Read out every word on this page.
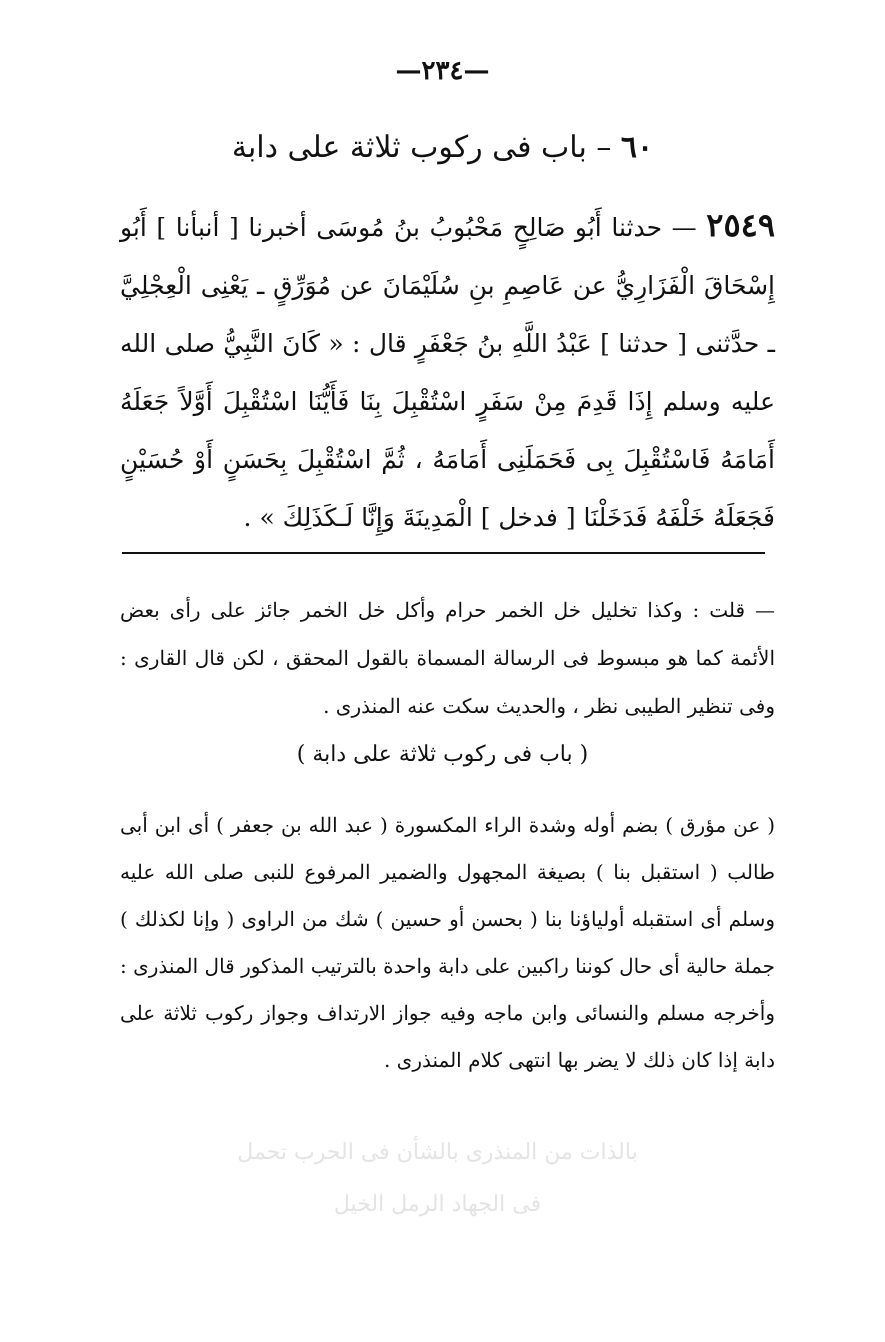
—٢٣٤—
٦٠ – باب فى ركوب ثلاثة على دابة
٢٥٤٩ — حدثنا أَبُو صَالِحٍ مَحْبُوبُ بنُ مُوسَى أخبرنا [ أنبأنا ] أَبُو إِسْحَاقَ الْفَزَارِيُّ عن عَاصِمِ بنِ سُلَيْمَانَ عن مُوَرِّقٍ ـ يَعْنِى الْعِجْلِيَّ ـ حدَّثنى [ حدثنا ] عَبْدُ اللَّهِ بنُ جَعْفَرٍ قال : « كَانَ النَّبِيُّ صلى الله عليه وسلم إِذَا قَدِمَ مِنْ سَفَرٍ اسْتُقْبِلَ بِنَا فَأَيُّنَا اسْتُقْبِلَ أَوَّلاً جَعَلَهُ أَمَامَهُ فَاسْتُقْبِلَ بِى فَحَمَلَنِى أَمَامَهُ ، ثُمَّ اسْتُقْبِلَ بِحَسَنٍ أَوْ حُسَيْنٍ فَجَعَلَهُ خَلْفَهُ فَدَخَلْنَا [ فدخل ] الْمَدِينَةَ وَإِنَّا لَـكَذَلِكَ » .
— قلت : وكذا تخليل خل الخمر حرام وأكل خل الخمر جائز على رأى بعض الأئمة كما هو مبسوط فى الرسالة المسماة بالقول المحقق ، لكن قال القارى : وفى تنظير الطيبى نظر ، والحديث سكت عنه المنذرى .
( باب فى ركوب ثلاثة على دابة )
( عن مؤرق ) بضم أوله وشدة الراء المكسورة ( عبد الله بن جعفر ) أى ابن أبى طالب ( استقبل بنا ) بصيغة المجهول والضمير المرفوع للنبى صلى الله عليه وسلم أى استقبله أولياؤنا بنا ( بحسن أو حسين ) شك من الراوى ( وإنا لكذلك ) جملة حالية أى حال كوننا راكبين على دابة واحدة بالترتيب المذكور قال المنذرى : وأخرجه مسلم والنسائى وابن ماجه وفيه جواز الارتداف وجواز ركوب ثلاثة على دابة إذا كان ذلك لا يضر بها انتهى كلام المنذرى .
بالذات من المنذرى بالشأن فى الحرب تحمل
فى الجهاد الرمل الخيل
